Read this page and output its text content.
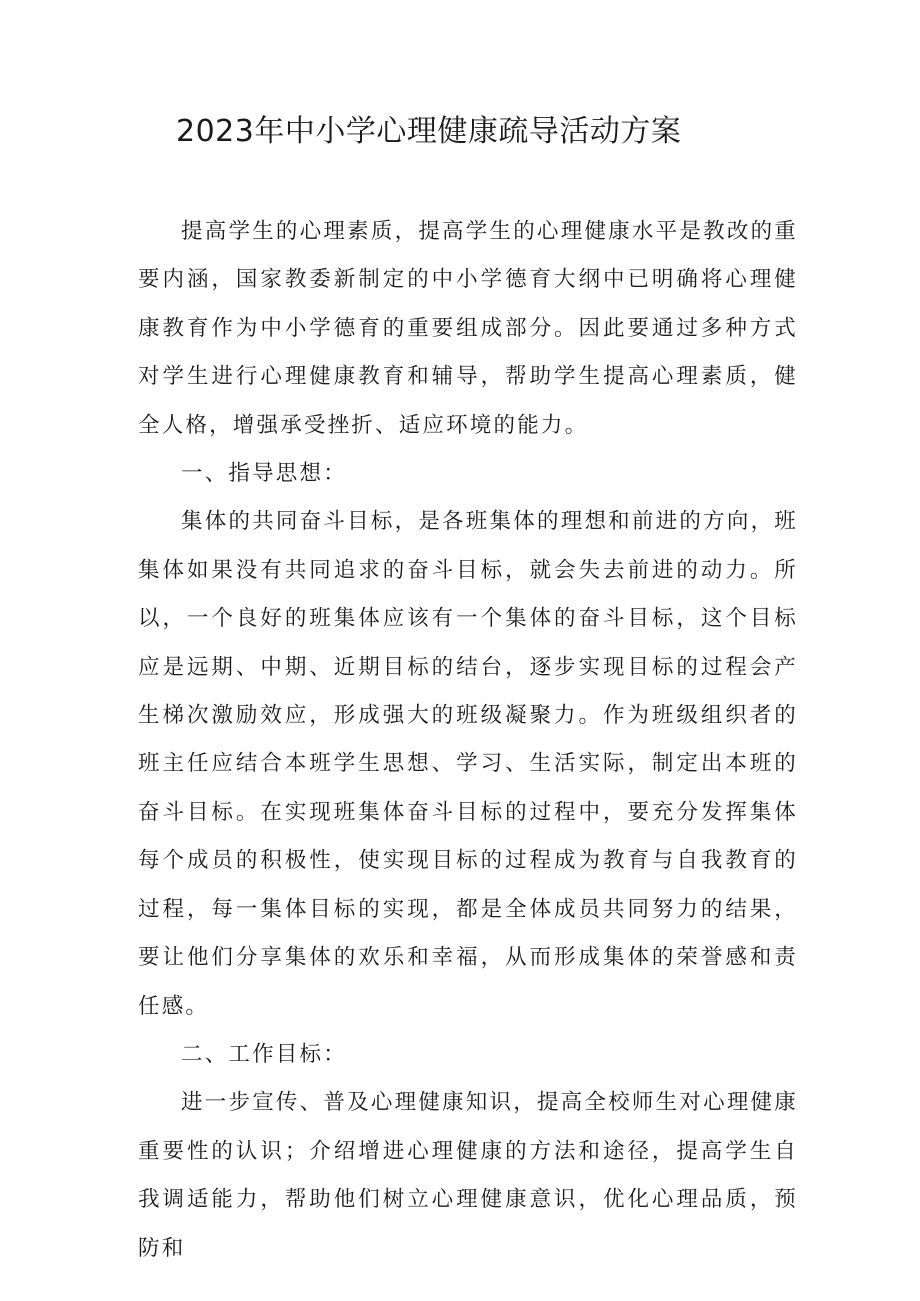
2023年中小学心理健康疏导活动方案

提高学生的心理素质，提高学生的心理健康水平是教改的重要内涵，国家教委新制定的中小学德育大纲中已明确将心理健康教育作为中小学德育的重要组成部分。因此要通过多种方式对学生进行心理健康教育和辅导，帮助学生提高心理素质，健全人格，增强承受挫折、适应环境的能力。

一、指导思想：

集体的共同奋斗目标，是各班集体的理想和前进的方向，班集体如果没有共同追求的奋斗目标，就会失去前进的动力。所以，一个良好的班集体应该有一个集体的奋斗目标，这个目标应是远期、中期、近期目标的结台，逐步实现目标的过程会产生梯次激励效应，形成强大的班级凝聚力。作为班级组织者的班主任应结合本班学生思想、学习、生活实际，制定出本班的奋斗目标。在实现班集体奋斗目标的过程中，要充分发挥集体每个成员的积极性，使实现目标的过程成为教育与自我教育的过程，每一集体目标的实现，都是全体成员共同努力的结果，要让他们分享集体的欢乐和幸福，从而形成集体的荣誉感和责任感。

二、工作目标：

进一步宣传、普及心理健康知识，提高全校师生对心理健康重要性的认识；介绍增进心理健康的方法和途径，提高学生自我调适能力，帮助他们树立心理健康意识，优化心理品质，预防和
